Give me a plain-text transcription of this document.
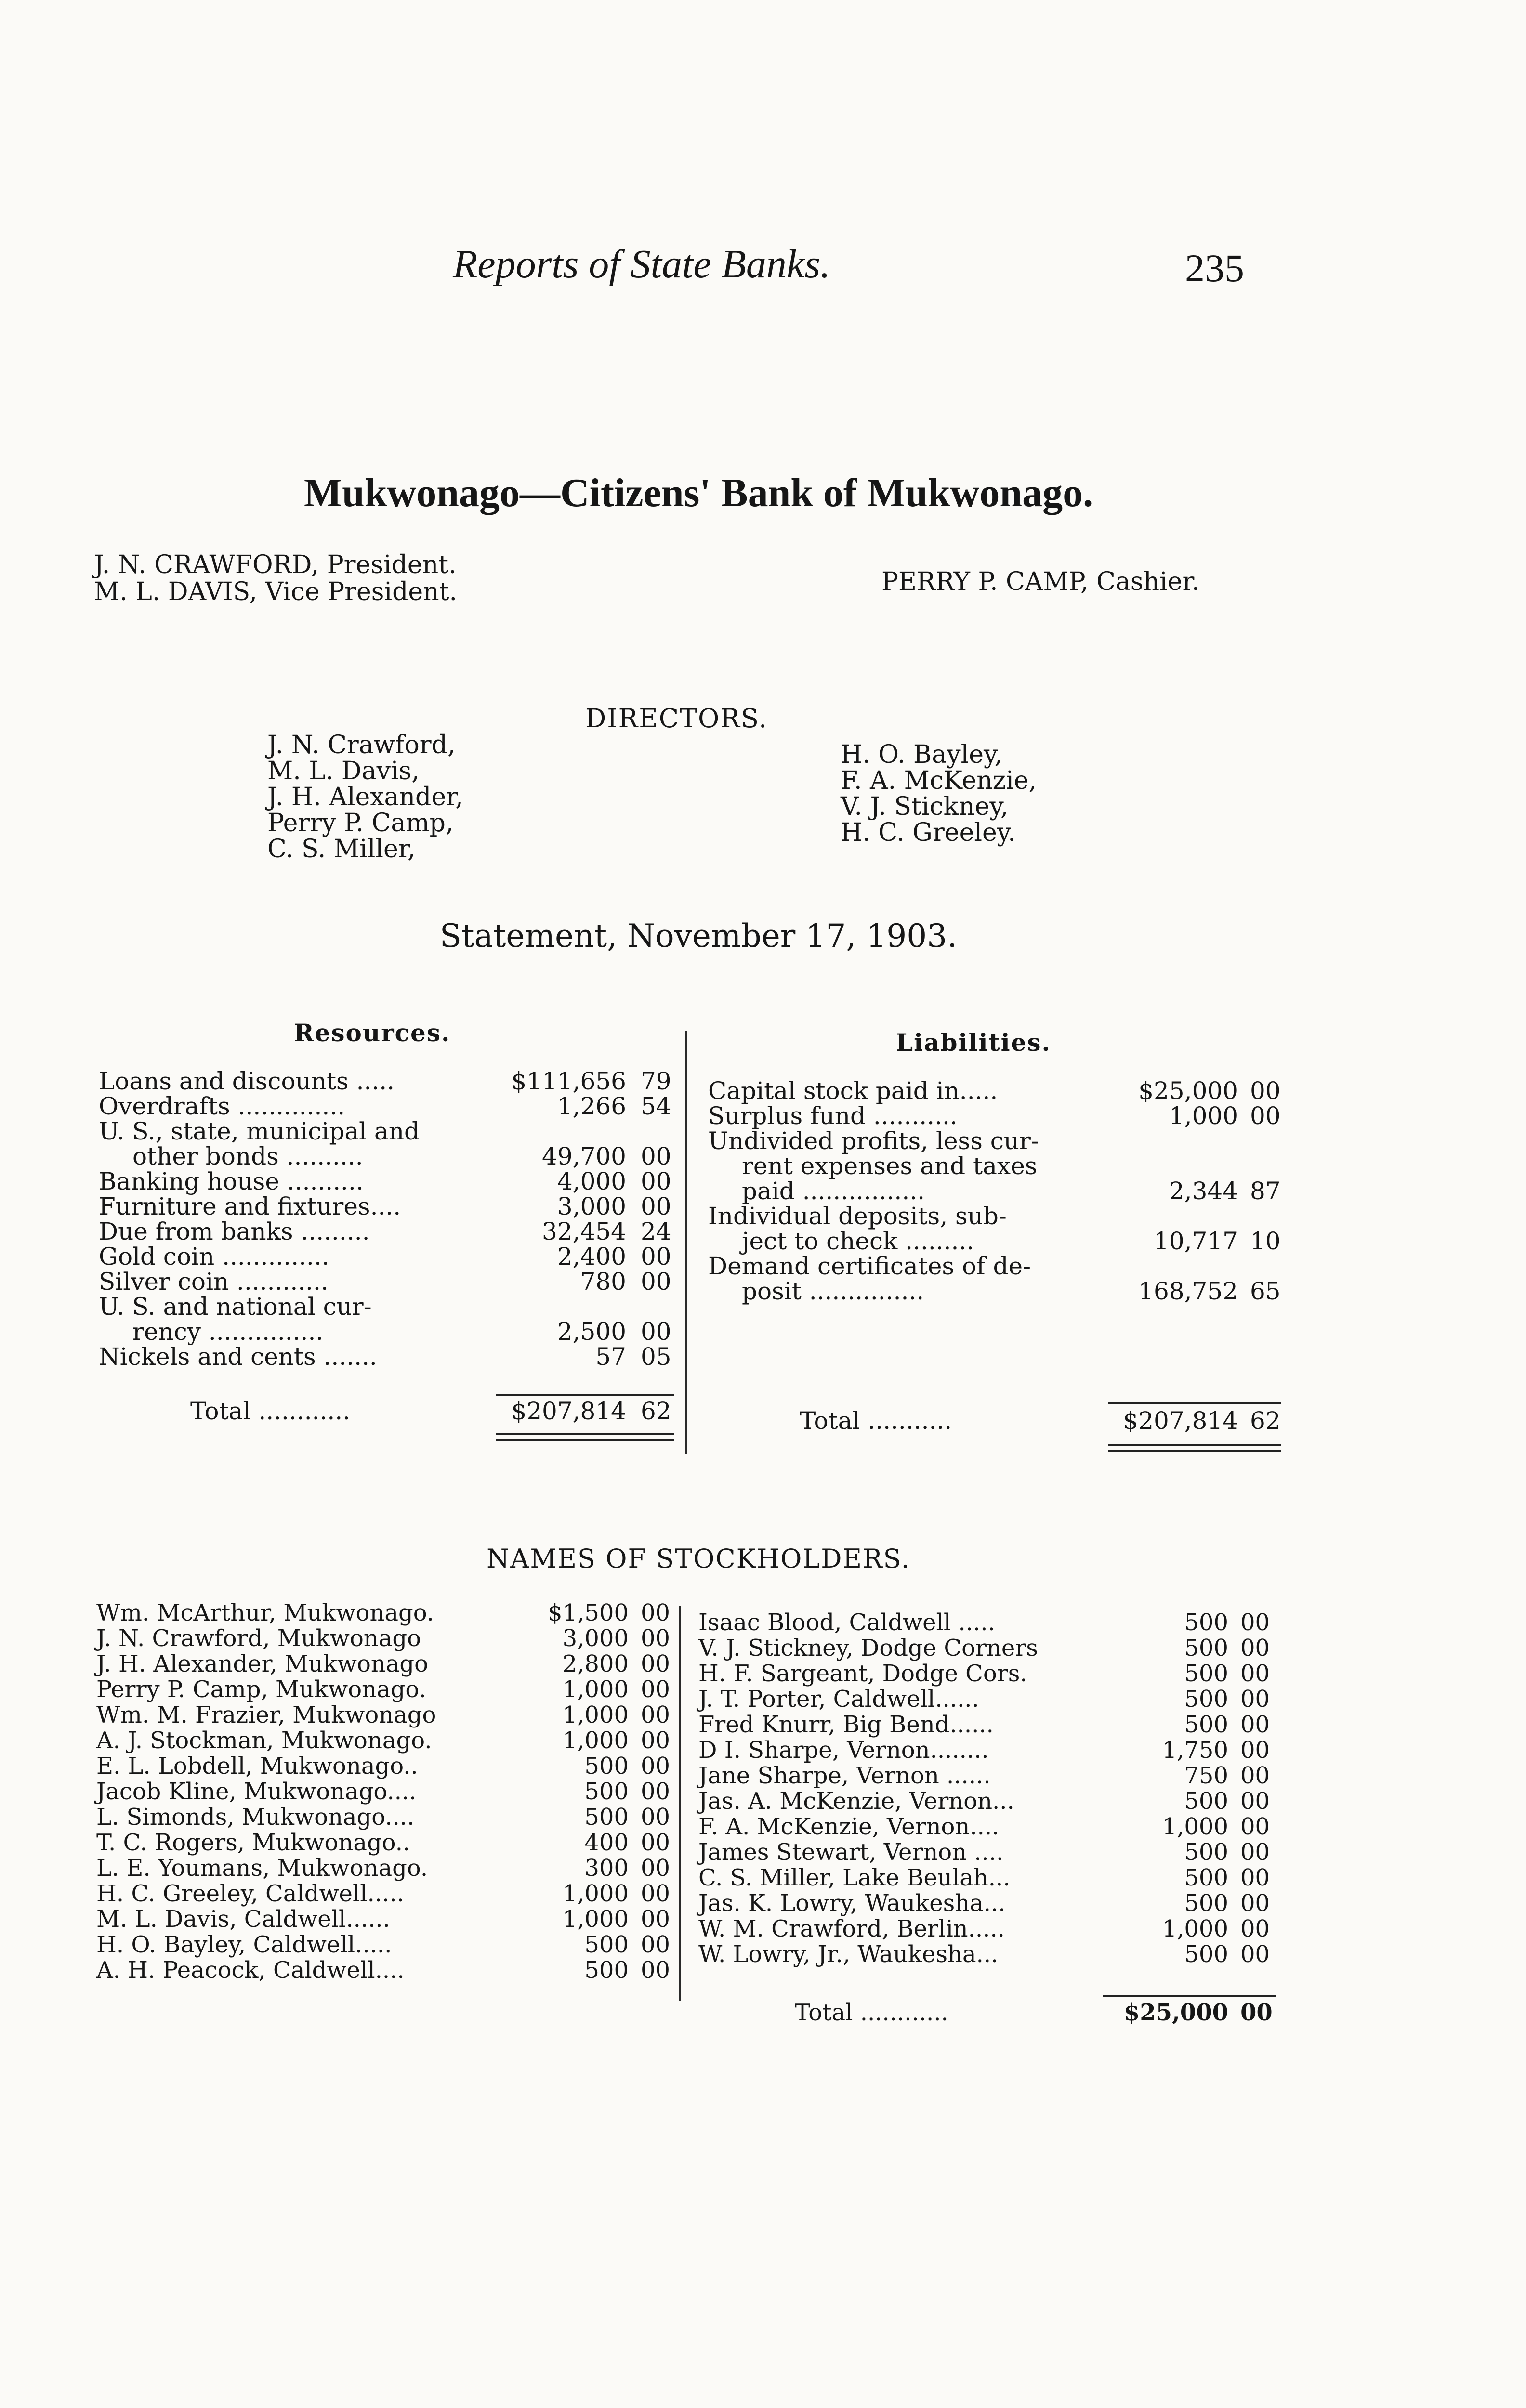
Reports of State Banks.	235
Mukwonago—Citizens' Bank of Mukwonago.
J. N. CRAWFORD, President.
M. L. DAVIS, Vice President.	PERRY P. CAMP, Cashier.
DIRECTORS.
J. N. Crawford,
M. L. Davis,
J. H. Alexander,
Perry P. Camp,
C. S. Miller,
H. O. Bayley,
F. A. McKenzie,
V. J. Stickney,
H. C. Greeley.
Statement, November 17, 1903.
Resources.	Liabilities.
Loans and discounts .....	$111,656 79
Overdrafts ..............	1,266 54
U. S., state, municipal and
other bonds ..........	49,700 00
Banking house ..........	4,000 00
Furniture and fixtures....	3,000 00
Due from banks .........	32,454 24
Gold coin ..............	2,400 00
Silver coin ............	780 00
U. S. and national cur-
rency ...............	2,500 00
Nickels and cents .......	57 05
Total ............	$207,814 62
Capital stock paid in.....	$25,000 00
Surplus fund ...........	1,000 00
Undivided profits, less cur-
rent expenses and taxes
paid ................	2,344 87
Individual deposits, sub-
ject to check .........	10,717 10
Demand certificates of de-
posit ...............	168,752 65
Total ...........	$207,814 62
NAMES OF STOCKHOLDERS.
Wm. McArthur, Mukwonago.	$1,500 00
J. N. Crawford, Mukwonago	3,000 00
J. H. Alexander, Mukwonago	2,800 00
Perry P. Camp, Mukwonago.	1,000 00
Wm. M. Frazier, Mukwonago	1,000 00
A. J. Stockman, Mukwonago.	1,000 00
E. L. Lobdell, Mukwonago..	500 00
Jacob Kline, Mukwonago....	500 00
L. Simonds, Mukwonago....	500 00
T. C. Rogers, Mukwonago..	400 00
L. E. Youmans, Mukwonago.	300 00
H. C. Greeley, Caldwell.....	1,000 00
M. L. Davis, Caldwell......	1,000 00
H. O. Bayley, Caldwell.....	500 00
A. H. Peacock, Caldwell....	500 00
Isaac Blood, Caldwell .....	500 00
V. J. Stickney, Dodge Corners	500 00
H. F. Sargeant, Dodge Cors.	500 00
J. T. Porter, Caldwell......	500 00
Fred Knurr, Big Bend......	500 00
D I. Sharpe, Vernon........	1,750 00
Jane Sharpe, Vernon ......	750 00
Jas. A. McKenzie, Vernon...	500 00
F. A. McKenzie, Vernon....	1,000 00
James Stewart, Vernon ....	500 00
C. S. Miller, Lake Beulah...	500 00
Jas. K. Lowry, Waukesha...	500 00
W. M. Crawford, Berlin.....	1,000 00
W. Lowry, Jr., Waukesha...	500 00
Total ............	$25,000 00
